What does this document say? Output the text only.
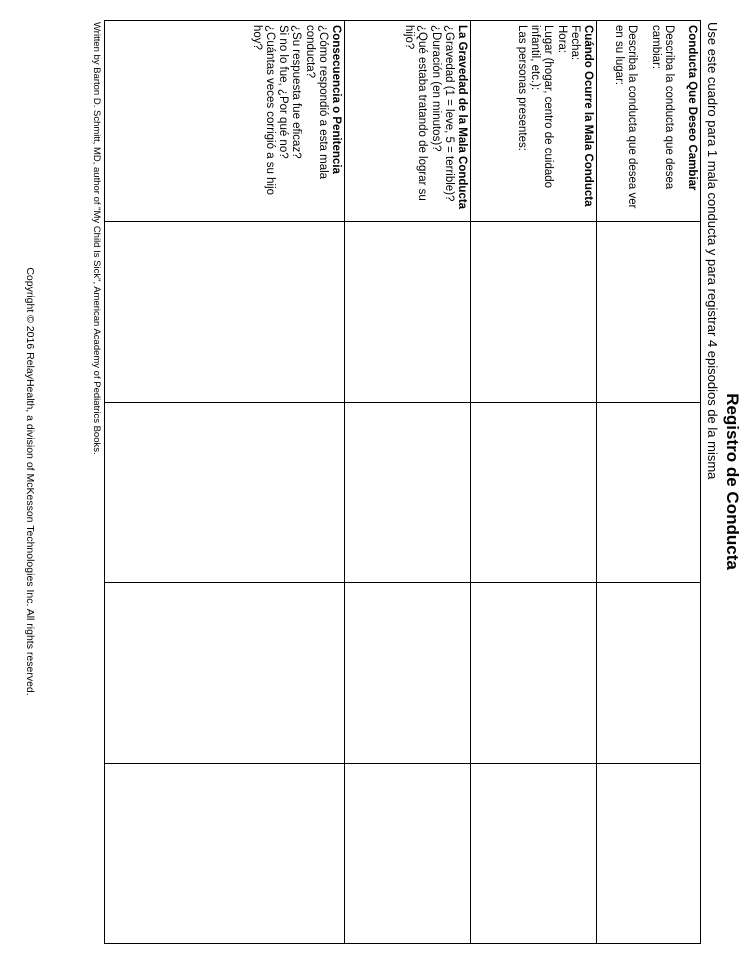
Registro de Conducta

Use este cuadro para 1 mala conducta y para registrar 4 episodios de la misma

Conducta Que Deseo Cambiar
Describa la conducta que desea cambiar:
Describa la conducta que desea ver en su lugar:				

Cuándo Ocurre la Mala Conducta
Fecha:
Hora:
Lugar (hogar, centro de cuidado infantil, etc.):
Las personas presentes:				

La Gravedad de la Mala Conducta
¿Gravedad (1 = leve, 5 = terrible)?
¿Duración (en minutos)?
¿Qué estaba tratando de lograr su hijo?				

Consecuencia o Penitencia
¿Cómo respondió a esta mala conducta?
¿Su respuesta fue eficaz?
Si no lo fue, ¿Por qué no?
¿Cuántas veces corrigió a su hijo hoy?				

Written by Barton D. Schmitt, MD, author of "My Child Is Sick", American Academy of Pediatrics Books.

Copyright © 2016 RelayHealth, a division of McKesson Technologies Inc. All rights reserved.
